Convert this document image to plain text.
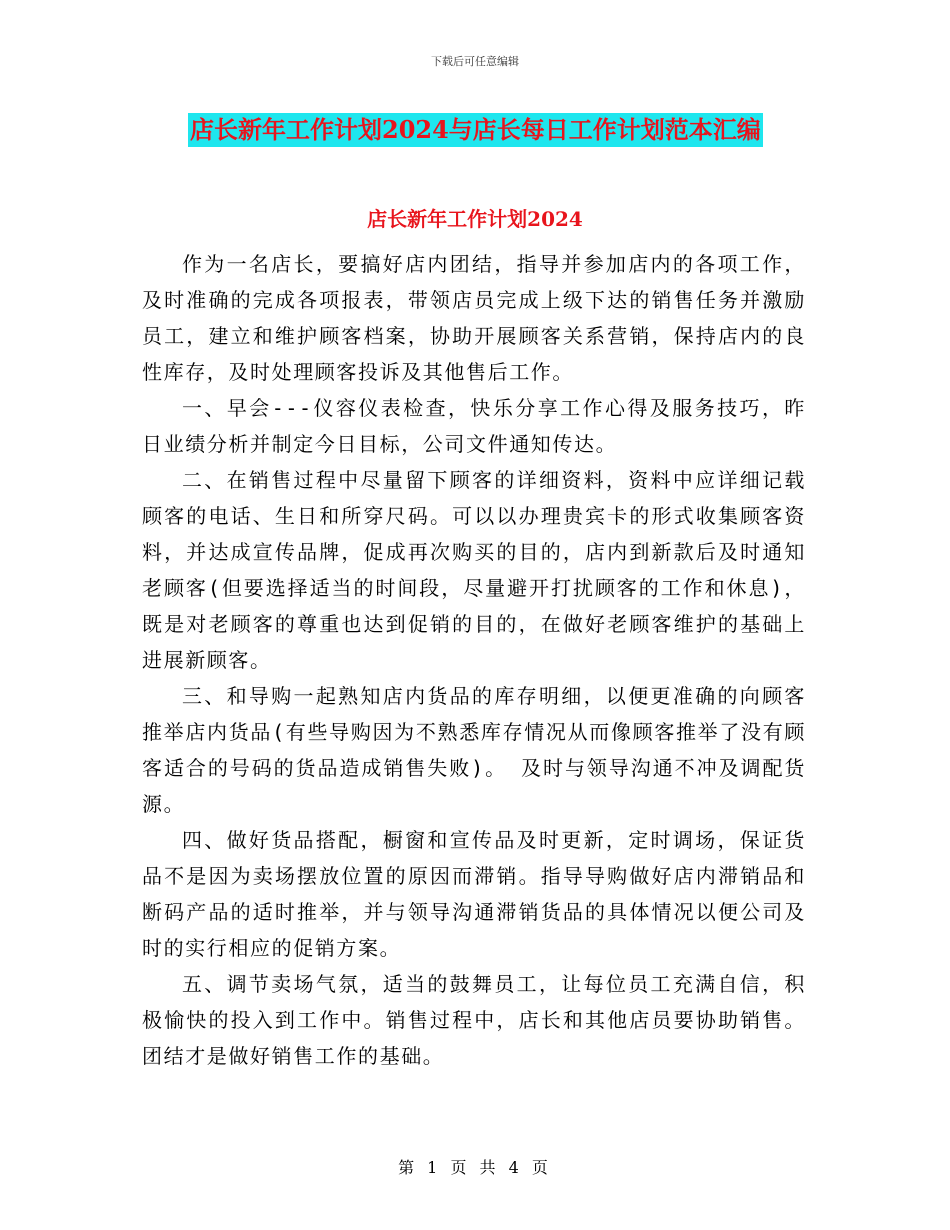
下载后可任意编辑
店长新年工作计划2024与店长每日工作计划范本汇编
店长新年工作计划2024

作为一名店长，要搞好店内团结，指导并参加店内的各项工作，及时准确的完成各项报表，带领店员完成上级下达的销售任务并激励员工，建立和维护顾客档案，协助开展顾客关系营销，保持店内的良性库存，及时处理顾客投诉及其他售后工作。

一、早会---仪容仪表检查，快乐分享工作心得及服务技巧，昨日业绩分析并制定今日目标，公司文件通知传达。

二、在销售过程中尽量留下顾客的详细资料，资料中应详细记载顾客的电话、生日和所穿尺码。可以以办理贵宾卡的形式收集顾客资料，并达成宣传品牌，促成再次购买的目的，店内到新款后及时通知老顾客(但要选择适当的时间段，尽量避开打扰顾客的工作和休息)，既是对老顾客的尊重也达到促销的目的，在做好老顾客维护的基础上进展新顾客。

三、和导购一起熟知店内货品的库存明细，以便更准确的向顾客推举店内货品(有些导购因为不熟悉库存情况从而像顾客推举了没有顾客适合的号码的货品造成销售失败)。 及时与领导沟通不冲及调配货源。

四、做好货品搭配，橱窗和宣传品及时更新，定时调场，保证货品不是因为卖场摆放位置的原因而滞销。指导导购做好店内滞销品和断码产品的适时推举，并与领导沟通滞销货品的具体情况以便公司及时的实行相应的促销方案。

五、调节卖场气氛，适当的鼓舞员工，让每位员工充满自信，积极愉快的投入到工作中。销售过程中，店长和其他店员要协助销售。团结才是做好销售工作的基础。

第 1 页 共 4 页
